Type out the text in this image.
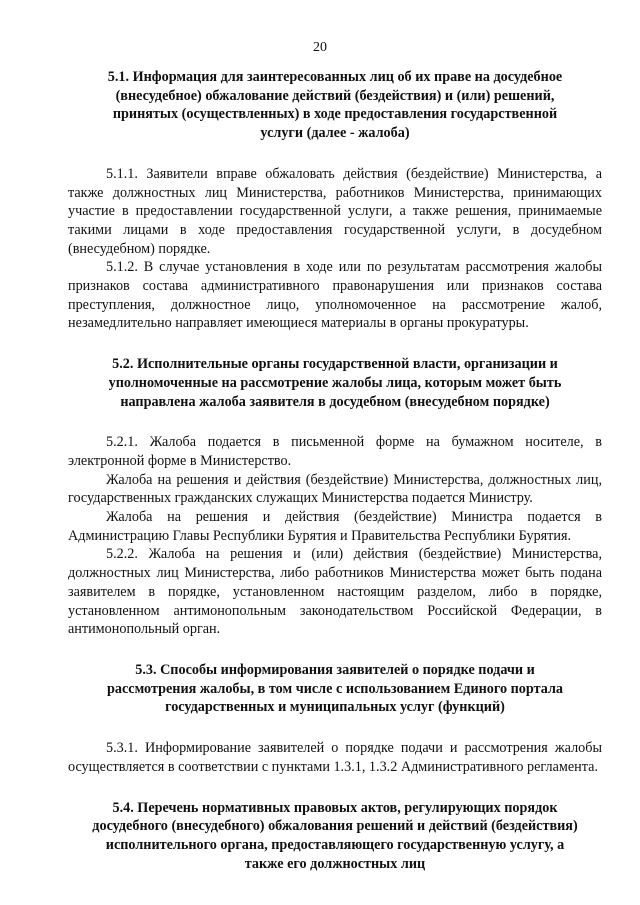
20

5.1. Информация для заинтересованных лиц об их праве на досудебное (внесудебное) обжалование действий (бездействия) и (или) решений, принятых (осуществленных) в ходе предоставления государственной услуги (далее - жалоба)

5.1.1. Заявители вправе обжаловать действия (бездействие) Министерства, а также должностных лиц Министерства, работников Министерства, принимающих участие в предоставлении государственной услуги, а также решения, принимаемые такими лицами в ходе предоставления государственной услуги, в досудебном (внесудебном) порядке.

5.1.2. В случае установления в ходе или по результатам рассмотрения жалобы признаков состава административного правонарушения или признаков состава преступления, должностное лицо, уполномоченное на рассмотрение жалоб, незамедлительно направляет имеющиеся материалы в органы прокуратуры.

5.2. Исполнительные органы государственной власти, организации и уполномоченные на рассмотрение жалобы лица, которым может быть направлена жалоба заявителя в досудебном (внесудебном порядке)

5.2.1. Жалоба подается в письменной форме на бумажном носителе, в электронной форме в Министерство.

Жалоба на решения и действия (бездействие) Министерства, должностных лиц, государственных гражданских служащих Министерства подается Министру.

Жалоба на решения и действия (бездействие) Министра подается в Администрацию Главы Республики Бурятия и Правительства Республики Бурятия.

5.2.2. Жалоба на решения и (или) действия (бездействие) Министерства, должностных лиц Министерства, либо работников Министерства может быть подана заявителем в порядке, установленном настоящим разделом, либо в порядке, установленном антимонопольным законодательством Российской Федерации, в антимонопольный орган.

5.3. Способы информирования заявителей о порядке подачи и рассмотрения жалобы, в том числе с использованием Единого портала государственных и муниципальных услуг (функций)

5.3.1. Информирование заявителей о порядке подачи и рассмотрения жалобы осуществляется в соответствии с пунктами 1.3.1, 1.3.2 Административного регламента.

5.4. Перечень нормативных правовых актов, регулирующих порядок досудебного (внесудебного) обжалования решений и действий (бездействия) исполнительного органа, предоставляющего государственную услугу, а также его должностных лиц
